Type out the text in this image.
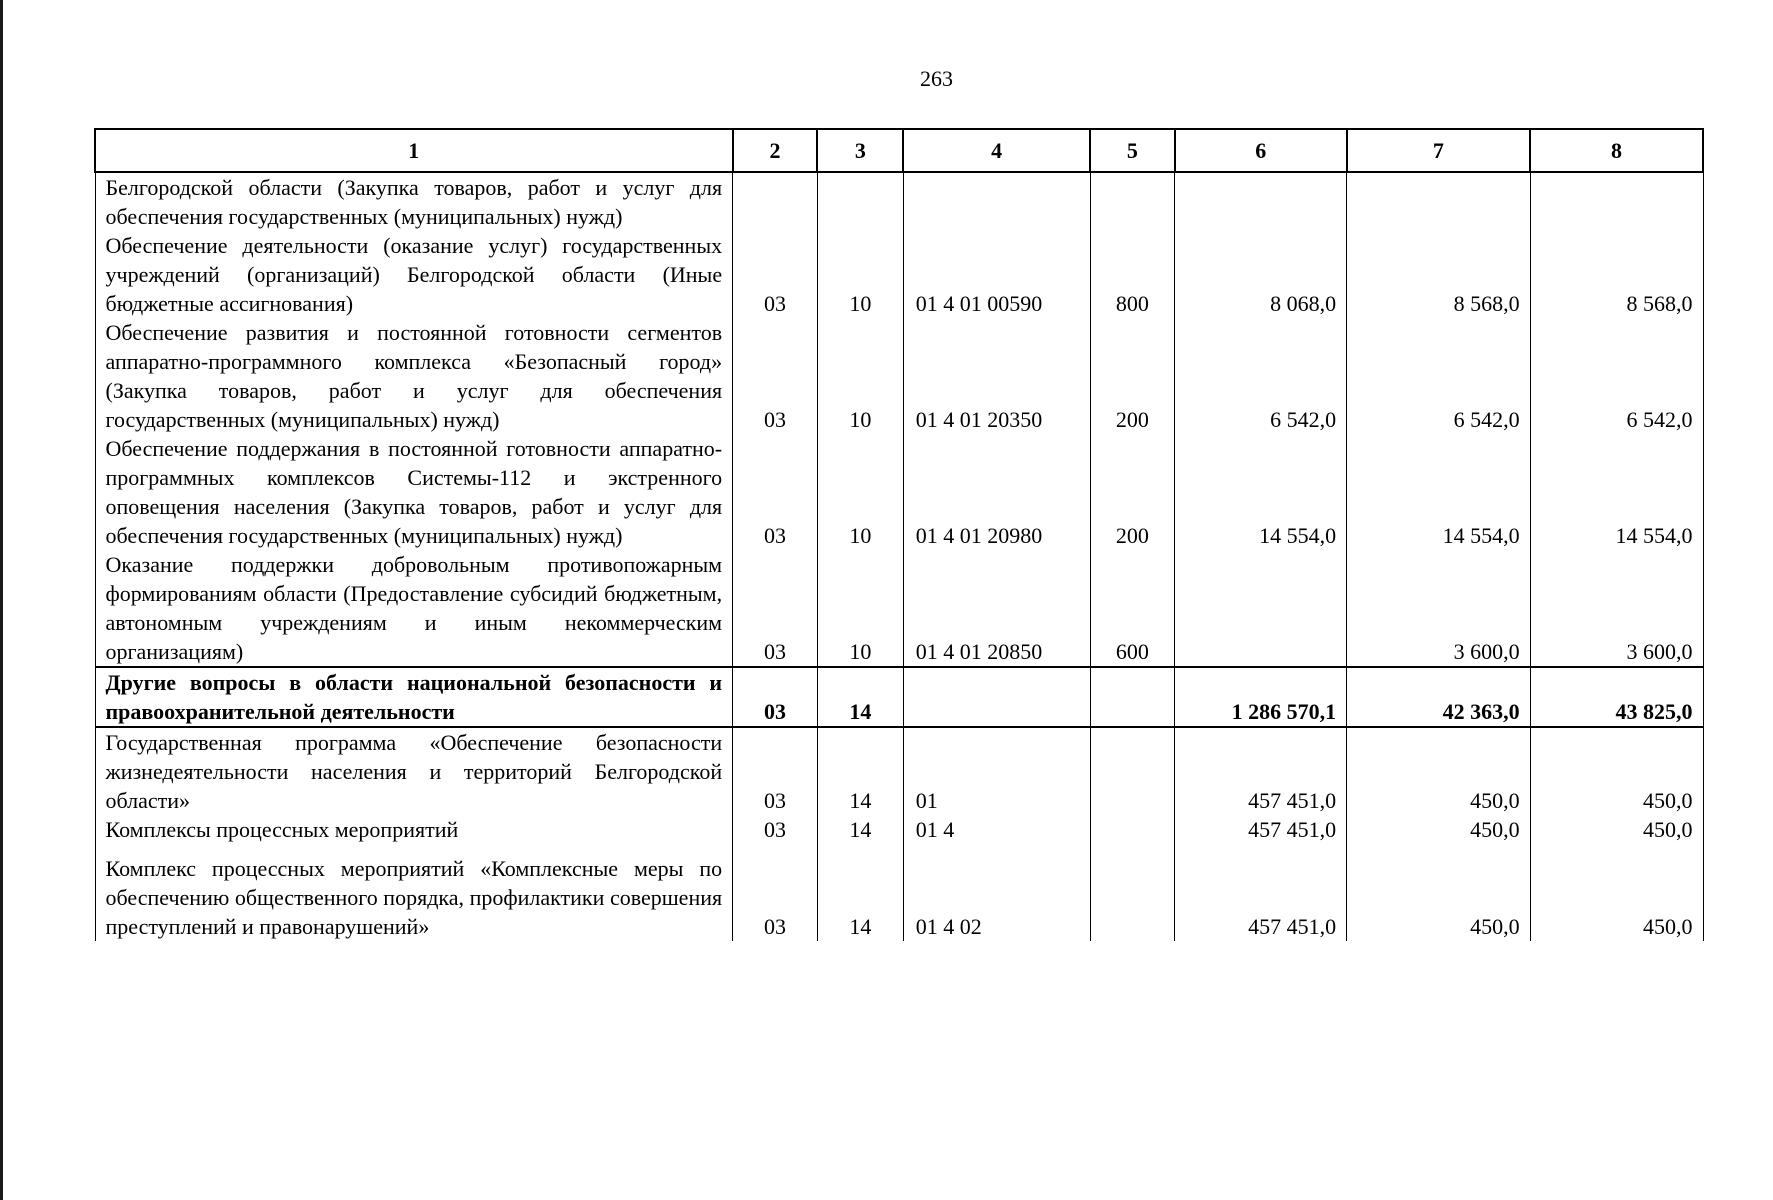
263
1	2	3	4	5	6	7	8
Белгородской области (Закупка товаров, работ и услуг для обеспечения государственных (муниципальных) нужд)							
Обеспечение деятельности (оказание услуг) государственных учреждений (организаций) Белгородской области (Иные бюджетные ассигнования)	03	10	01 4 01 00590	800	8 068,0	8 568,0	8 568,0
Обеспечение развития и постоянной готовности сегментов аппаратно-программного комплекса «Безопасный город» (Закупка товаров, работ и услуг для обеспечения государственных (муниципальных) нужд)	03	10	01 4 01 20350	200	6 542,0	6 542,0	6 542,0
Обеспечение поддержания в постоянной готовности аппаратно-программных комплексов Системы-112 и экстренного оповещения населения (Закупка товаров, работ и услуг для обеспечения государственных (муниципальных) нужд)	03	10	01 4 01 20980	200	14 554,0	14 554,0	14 554,0
Оказание поддержки добровольным противопожарным формированиям области (Предоставление субсидий бюджетным, автономным учреждениям и иным некоммерческим организациям)	03	10	01 4 01 20850	600		3 600,0	3 600,0
Другие вопросы в области национальной безопасности и правоохранительной деятельности	03	14			1 286 570,1	42 363,0	43 825,0
Государственная программа «Обеспечение безопасности жизнедеятельности населения и территорий Белгородской области»	03	14	01		457 451,0	450,0	450,0
Комплексы процессных мероприятий	03	14	01 4		457 451,0	450,0	450,0

Комплекс процессных мероприятий «Комплексные меры по обеспечению общественного порядка, профилактики совершения преступлений и правонарушений»	03	14	01 4 02		457 451,0	450,0	450,0
